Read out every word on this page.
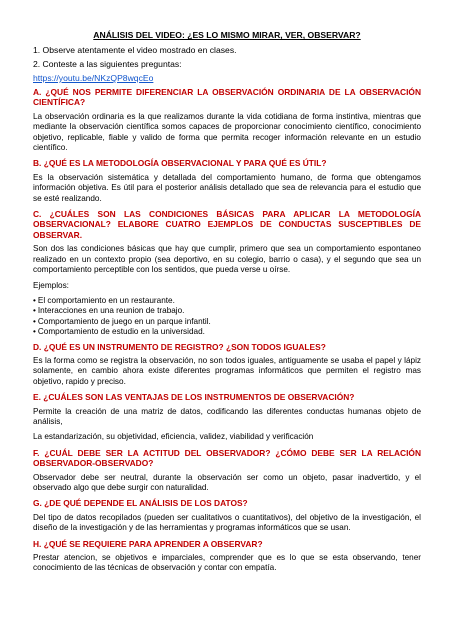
ANÁLISIS DEL VIDEO: ¿ES LO MISMO MIRAR, VER, OBSERVAR?
1. Observe atentamente el video mostrado en clases.
2. Conteste a las siguientes preguntas:
https://youtu.be/NKzQP8wqcEo
A. ¿QUÉ NOS PERMITE DIFERENCIAR LA OBSERVACIÓN ORDINARIA DE LA OBSERVACIÓN CIENTÍFICA?
La observación ordinaria es la que realizamos durante la vida cotidiana de forma instintiva, mientras que mediante la observación científica somos capaces de proporcionar conocimiento científico, conocimiento objetivo, replicable, fiable y valido de forma que permita recoger información relevante en un estudio científico.
B. ¿QUÉ ES LA METODOLOGÍA OBSERVACIONAL Y PARA QUÉ ES ÚTIL?
Es la observación sistemática y detallada del comportamiento humano, de forma que obtengamos información objetiva. Es útil para el posterior análisis detallado que sea de relevancia para el estudio que se esté realizando.
C. ¿CUÁLES SON LAS CONDICIONES BÁSICAS PARA APLICAR LA METODOLOGÍA OBSERVACIONAL? ELABORE CUATRO EJEMPLOS DE CONDUCTAS SUSCEPTIBLES DE OBSERVAR.
Son dos las condiciones básicas que hay que cumplir, primero que sea un comportamiento espontaneo realizado en un contexto propio (sea deportivo, en su colegio, barrio o casa), y el segundo que sea un comportamiento perceptible con los sentidos, que pueda verse u oírse.
Ejemplos:
• El comportamiento en un restaurante.
• Interacciones en una reunion de trabajo.
• Comportamiento de juego en un parque infantil.
• Comportamiento de estudio en la universidad.
D. ¿QUÉ ES UN INSTRUMENTO DE REGISTRO? ¿SON TODOS IGUALES?
Es la forma como se registra la observación, no son todos iguales, antiguamente se usaba el papel y lápiz solamente, en cambio ahora existe diferentes programas informáticos que permiten el registro mas objetivo, rapido y preciso.
E. ¿CUÁLES SON LAS VENTAJAS DE LOS INSTRUMENTOS DE OBSERVACIÓN?
Permite la creación de una matriz de datos, codificando las diferentes conductas humanas objeto de análisis,
La estandarización, su objetividad, eficiencia, validez, viabilidad y verificación
F. ¿CUÁL DEBE SER LA ACTITUD DEL OBSERVADOR? ¿CÓMO DEBE SER LA RELACIÓN OBSERVADOR-OBSERVADO?
Observador debe ser neutral, durante la observación ser como un objeto, pasar inadvertido, y el observado algo que debe surgir con naturalidad.
G. ¿DE QUÉ DEPENDE EL ANÁLISIS DE LOS DATOS?
Del tipo de datos recopilados (pueden ser cualitativos o cuantitativos), del objetivo de la investigación, el diseño de la investigación y de las herramientas y programas informáticos que se usan.
H. ¿QUÉ SE REQUIERE PARA APRENDER A OBSERVAR?
Prestar atencion, se objetivos e imparciales, comprender que es lo que se esta observando, tener conocimiento de las técnicas de observación y contar con empatía.
